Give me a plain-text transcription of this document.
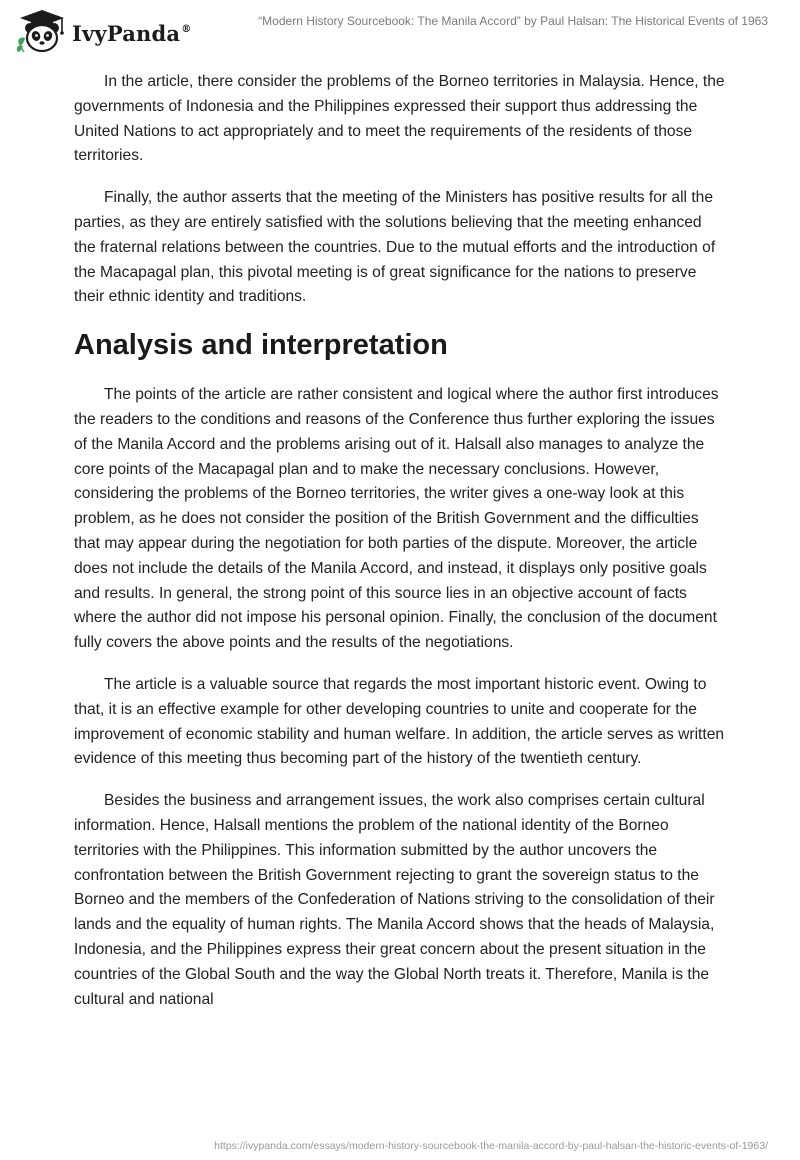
IvyPanda®
“Modern History Sourcebook: The Manila Accord” by Paul Halsan: The Historical Events of 1963

In the article, there consider the problems of the Borneo territories in Malaysia. Hence, the governments of Indonesia and the Philippines expressed their support thus addressing the United Nations to act appropriately and to meet the requirements of the residents of those territories.

Finally, the author asserts that the meeting of the Ministers has positive results for all the parties, as they are entirely satisfied with the solutions believing that the meeting enhanced the fraternal relations between the countries. Due to the mutual efforts and the introduction of the Macapagal plan, this pivotal meeting is of great significance for the nations to preserve their ethnic identity and traditions.

Analysis and interpretation

The points of the article are rather consistent and logical where the author first introduces the readers to the conditions and reasons of the Conference thus further exploring the issues of the Manila Accord and the problems arising out of it. Halsall also manages to analyze the core points of the Macapagal plan and to make the necessary conclusions. However, considering the problems of the Borneo territories, the writer gives a one-way look at this problem, as he does not consider the position of the British Government and the difficulties that may appear during the negotiation for both parties of the dispute. Moreover, the article does not include the details of the Manila Accord, and instead, it displays only positive goals and results. In general, the strong point of this source lies in an objective account of facts where the author did not impose his personal opinion. Finally, the conclusion of the document fully covers the above points and the results of the negotiations.

The article is a valuable source that regards the most important historic event. Owing to that, it is an effective example for other developing countries to unite and cooperate for the improvement of economic stability and human welfare. In addition, the article serves as written evidence of this meeting thus becoming part of the history of the twentieth century.

Besides the business and arrangement issues, the work also comprises certain cultural information. Hence, Halsall mentions the problem of the national identity of the Borneo territories with the Philippines. This information submitted by the author uncovers the confrontation between the British Government rejecting to grant the sovereign status to the Borneo and the members of the Confederation of Nations striving to the consolidation of their lands and the equality of human rights. The Manila Accord shows that the heads of Malaysia, Indonesia, and the Philippines express their great concern about the present situation in the countries of the Global South and the way the Global North treats it. Therefore, Manila is the cultural and national

https://ivypanda.com/essays/modern-history-sourcebook-the-manila-accord-by-paul-halsan-the-historic-events-of-1963/
